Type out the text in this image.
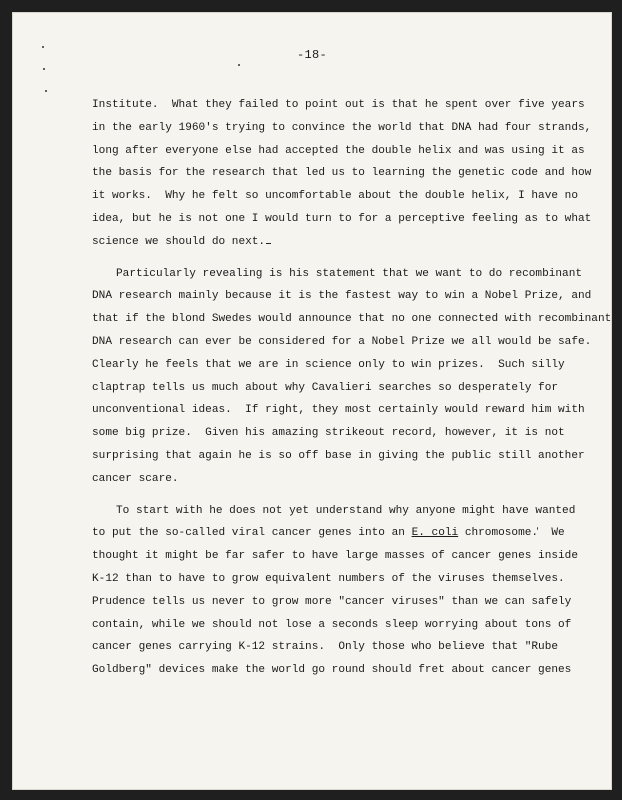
-18-
Institute.  What they failed to point out is that he spent over five years
in the early 1960's trying to convince the world that DNA had four strands,
long after everyone else had accepted the double helix and was using it as
the basis for the research that led us to learning the genetic code and how
it works.  Why he felt so uncomfortable about the double helix, I have no
idea, but he is not one I would turn to for a perceptive feeling as to what
science we should do next.
Particularly revealing is his statement that we want to do recombinant
DNA research mainly because it is the fastest way to win a Nobel Prize, and
that if the blond Swedes would announce that no one connected with recombinant
DNA research can ever be considered for a Nobel Prize we all would be safe.
Clearly he feels that we are in science only to win prizes.  Such silly
claptrap tells us much about why Cavalieri searches so desperately for
unconventional ideas.  If right, they most certainly would reward him with
some big prize.  Given his amazing strikeout record, however, it is not
surprising that again he is so off base in giving the public still another
cancer scare.
To start with he does not yet understand why anyone might have wanted
to put the so-called viral cancer genes into an E. coli chromosome.  We
thought it might be far safer to have large masses of cancer genes inside
K-12 than to have to grow equivalent numbers of the viruses themselves.
Prudence tells us never to grow more "cancer viruses" than we can safely
contain, while we should not lose a seconds sleep worrying about tons of
cancer genes carrying K-12 strains.  Only those who believe that "Rube
Goldberg" devices make the world go round should fret about cancer genes
